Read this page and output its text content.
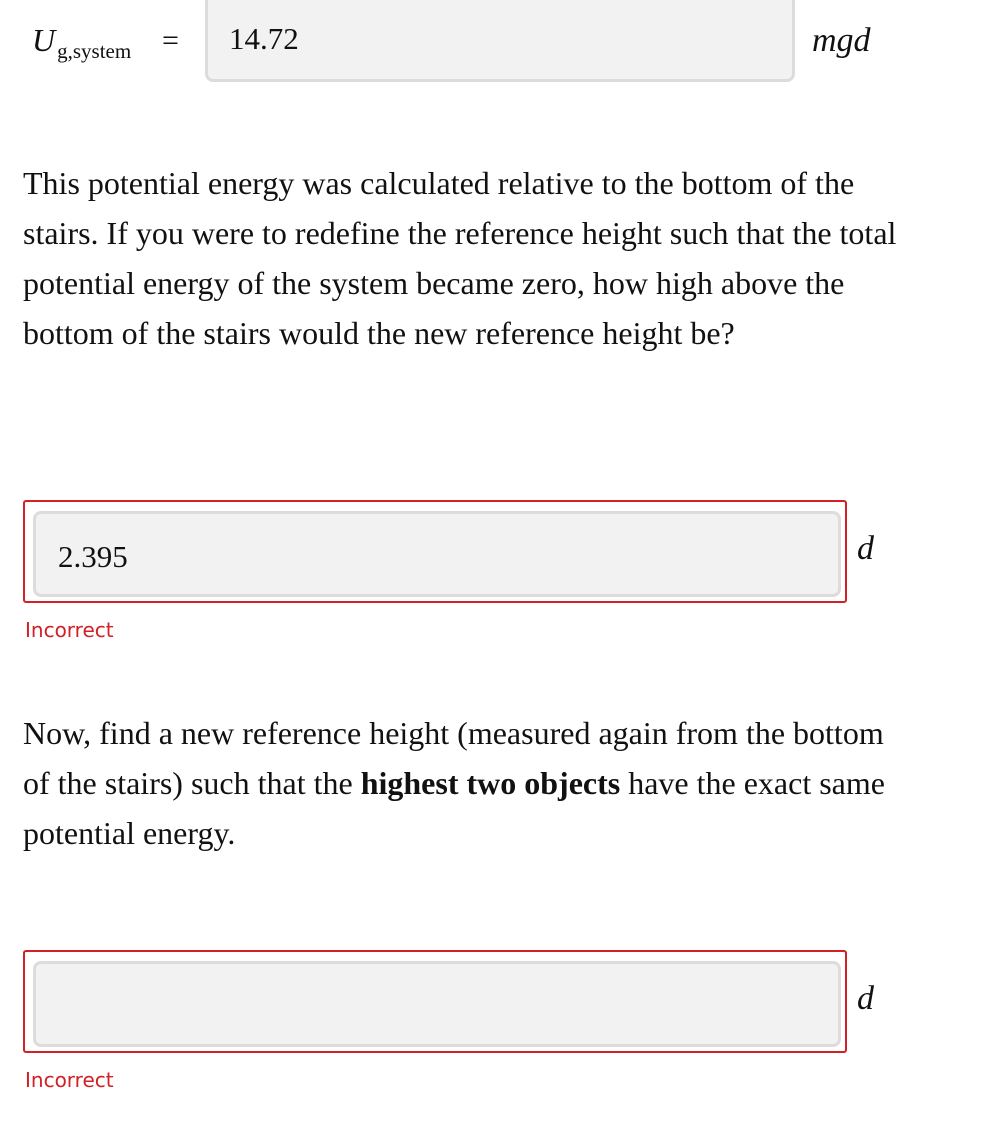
$U_{g,system}$ =	14.72	mgd

This potential energy was calculated relative to the bottom of the stairs. If you were to redefine the reference height such that the total potential energy of the system became zero, how high above the bottom of the stairs would the new reference height be?

2.395	d
Incorrect

Now, find a new reference height (measured again from the bottom of the stairs) such that the highest two objects have the exact same potential energy.

d
Incorrect
